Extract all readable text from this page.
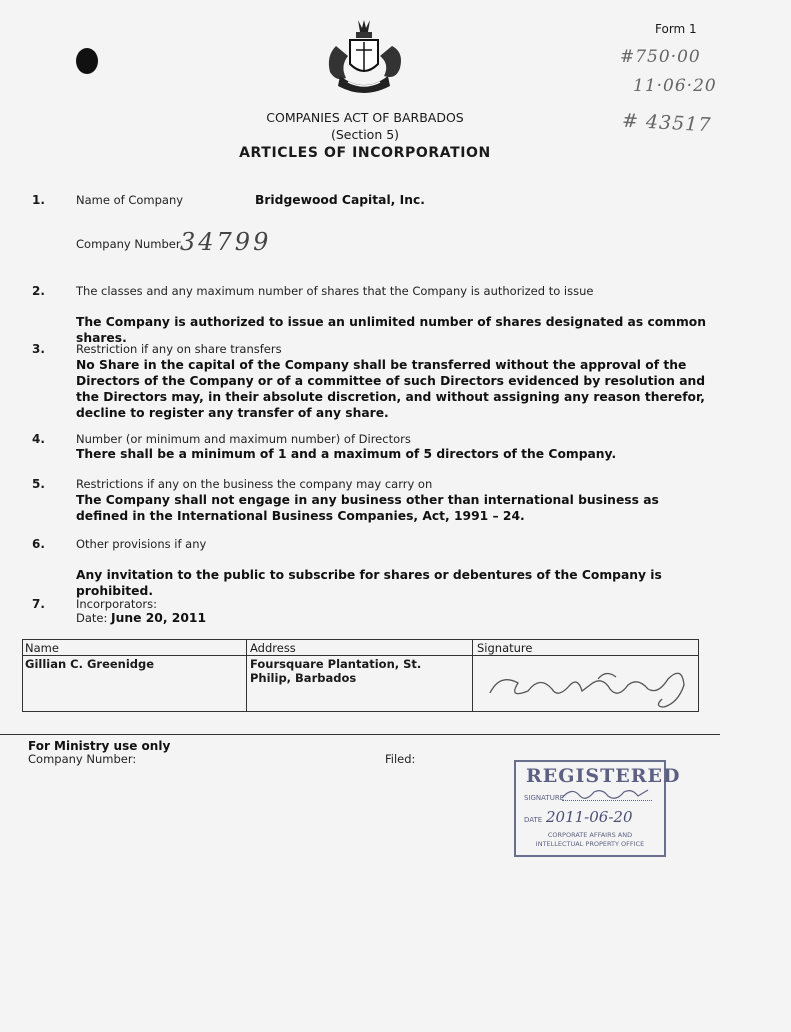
Form 1
#750·00
11·06·20
# 43517
COMPANIES ACT OF BARBADOS
(Section 5)
ARTICLES OF INCORPORATION
1.	Name of Company	Bridgewood Capital, Inc.
Company Number 34799
2.	The classes and any maximum number of shares that the Company is authorized to issue
The Company is authorized to issue an unlimited number of shares designated as common shares.
3.	Restriction if any on share transfers
No Share in the capital of the Company shall be transferred without the approval of the Directors of the Company or of a committee of such Directors evidenced by resolution and the Directors may, in their absolute discretion, and without assigning any reason therefor, decline to register any transfer of any share.
4.	Number (or minimum and maximum number) of Directors
There shall be a minimum of 1 and a maximum of 5 directors of the Company.
5.	Restrictions if any on the business the company may carry on
The Company shall not engage in any business other than international business as defined in the International Business Companies, Act, 1991 – 24.
6.	Other provisions if any
Any invitation to the public to subscribe for shares or debentures of the Company is prohibited.
7.	Incorporators:
Date: June 20, 2011
Name	Address	Signature
Gillian C. Greenidge	Foursquare Plantation, St. Philip, Barbados
For Ministry use only
Company Number:	Filed:
REGISTERED
SIGNATURE
DATE 2011-06-20
CORPORATE AFFAIRS AND
INTELLECTUAL PROPERTY OFFICE
